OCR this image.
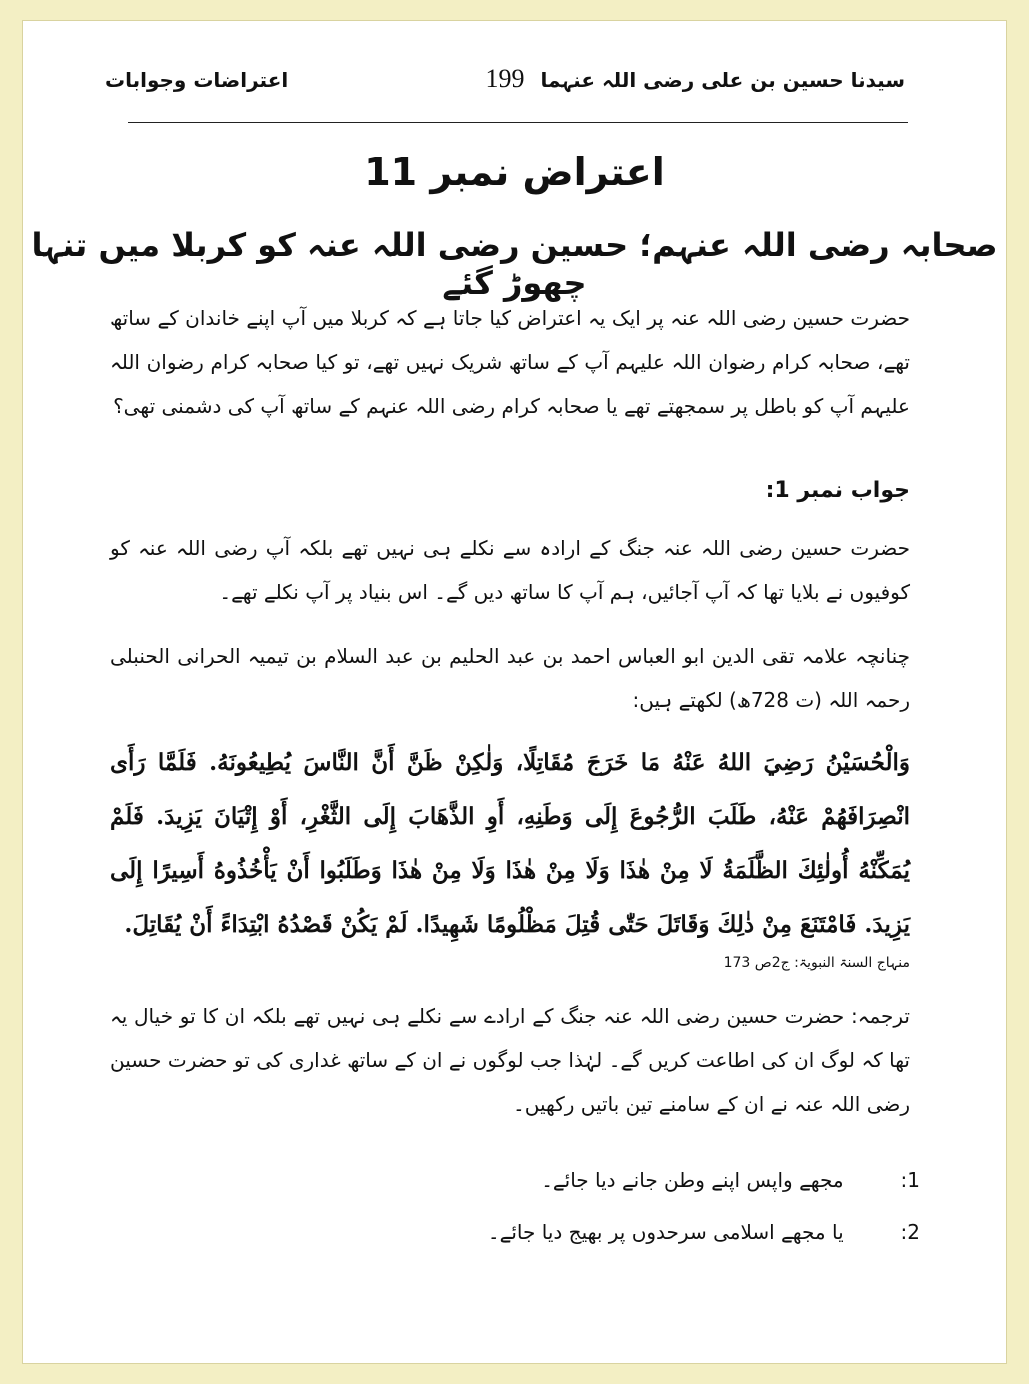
سیدنا حسین بن علی رضی اللہ عنہما
199
اعتراضات وجوابات
اعتراض نمبر 11
صحابہ رضی اللہ عنہم؛ حسین رضی اللہ عنہ کو کربلا میں تنہا چھوڑ گئے
حضرت حسین رضی اللہ عنہ پر ایک یہ اعتراض کیا جاتا ہے کہ کربلا میں آپ اپنے خاندان کے ساتھ تھے، صحابہ کرام رضوان اللہ علیہم آپ کے ساتھ شریک نہیں تھے، تو کیا صحابہ کرام رضوان اللہ علیہم آپ کو باطل پر سمجھتے تھے یا صحابہ کرام رضی اللہ عنہم کے ساتھ آپ کی دشمنی تھی؟
جواب نمبر 1:
حضرت حسین رضی اللہ عنہ جنگ کے ارادہ سے نکلے ہی نہیں تھے بلکہ آپ رضی اللہ عنہ کو کوفیوں نے بلایا تھا کہ آپ آجائیں، ہم آپ کا ساتھ دیں گے۔ اس بنیاد پر آپ نکلے تھے۔
چنانچہ علامہ تقی الدین ابو العباس احمد بن عبد الحلیم بن عبد السلام بن تیمیہ الحرانی الحنبلی رحمہ اللہ (ت 728ھ) لکھتے ہیں:
وَالْحُسَيْنُ رَضِيَ اللهُ عَنْهُ مَا خَرَجَ مُقَاتِلًا، وَلٰكِنْ ظَنَّ أَنَّ النَّاسَ يُطِيعُونَهُ. فَلَمَّا رَأَى انْصِرَافَهُمْ عَنْهُ، طَلَبَ الرُّجُوعَ إِلَى وَطَنِهِ، أَوِ الذَّهَابَ إِلَى الثَّغْرِ، أَوْ إِتْيَانَ يَزِيدَ. فَلَمْ يُمَكِّنْهُ أُولٰئِكَ الظَّلَمَةُ لَا مِنْ هٰذَا وَلَا مِنْ هٰذَا وَلَا مِنْ هٰذَا وَطَلَبُوا أَنْ يَأْخُذُوهُ أَسِيرًا إِلَى يَزِيدَ. فَامْتَنَعَ مِنْ ذٰلِكَ وَقَاتَلَ حَتّٰى قُتِلَ مَظْلُومًا شَهِيدًا. لَمْ يَكُنْ قَصْدُهُ ابْتِدَاءً أَنْ يُقَاتِلَ.
منہاج السنۃ النبویۃ: ج2ص 173
ترجمہ: حضرت حسین رضی اللہ عنہ جنگ کے ارادے سے نکلے ہی نہیں تھے بلکہ ان کا تو خیال یہ تھا کہ لوگ ان کی اطاعت کریں گے۔ لہٰذا جب لوگوں نے ان کے ساتھ غداری کی تو حضرت حسین رضی اللہ عنہ نے ان کے سامنے تین باتیں رکھیں۔
1: مجھے واپس اپنے وطن جانے دیا جائے۔
2: یا مجھے اسلامی سرحدوں پر بھیج دیا جائے۔
